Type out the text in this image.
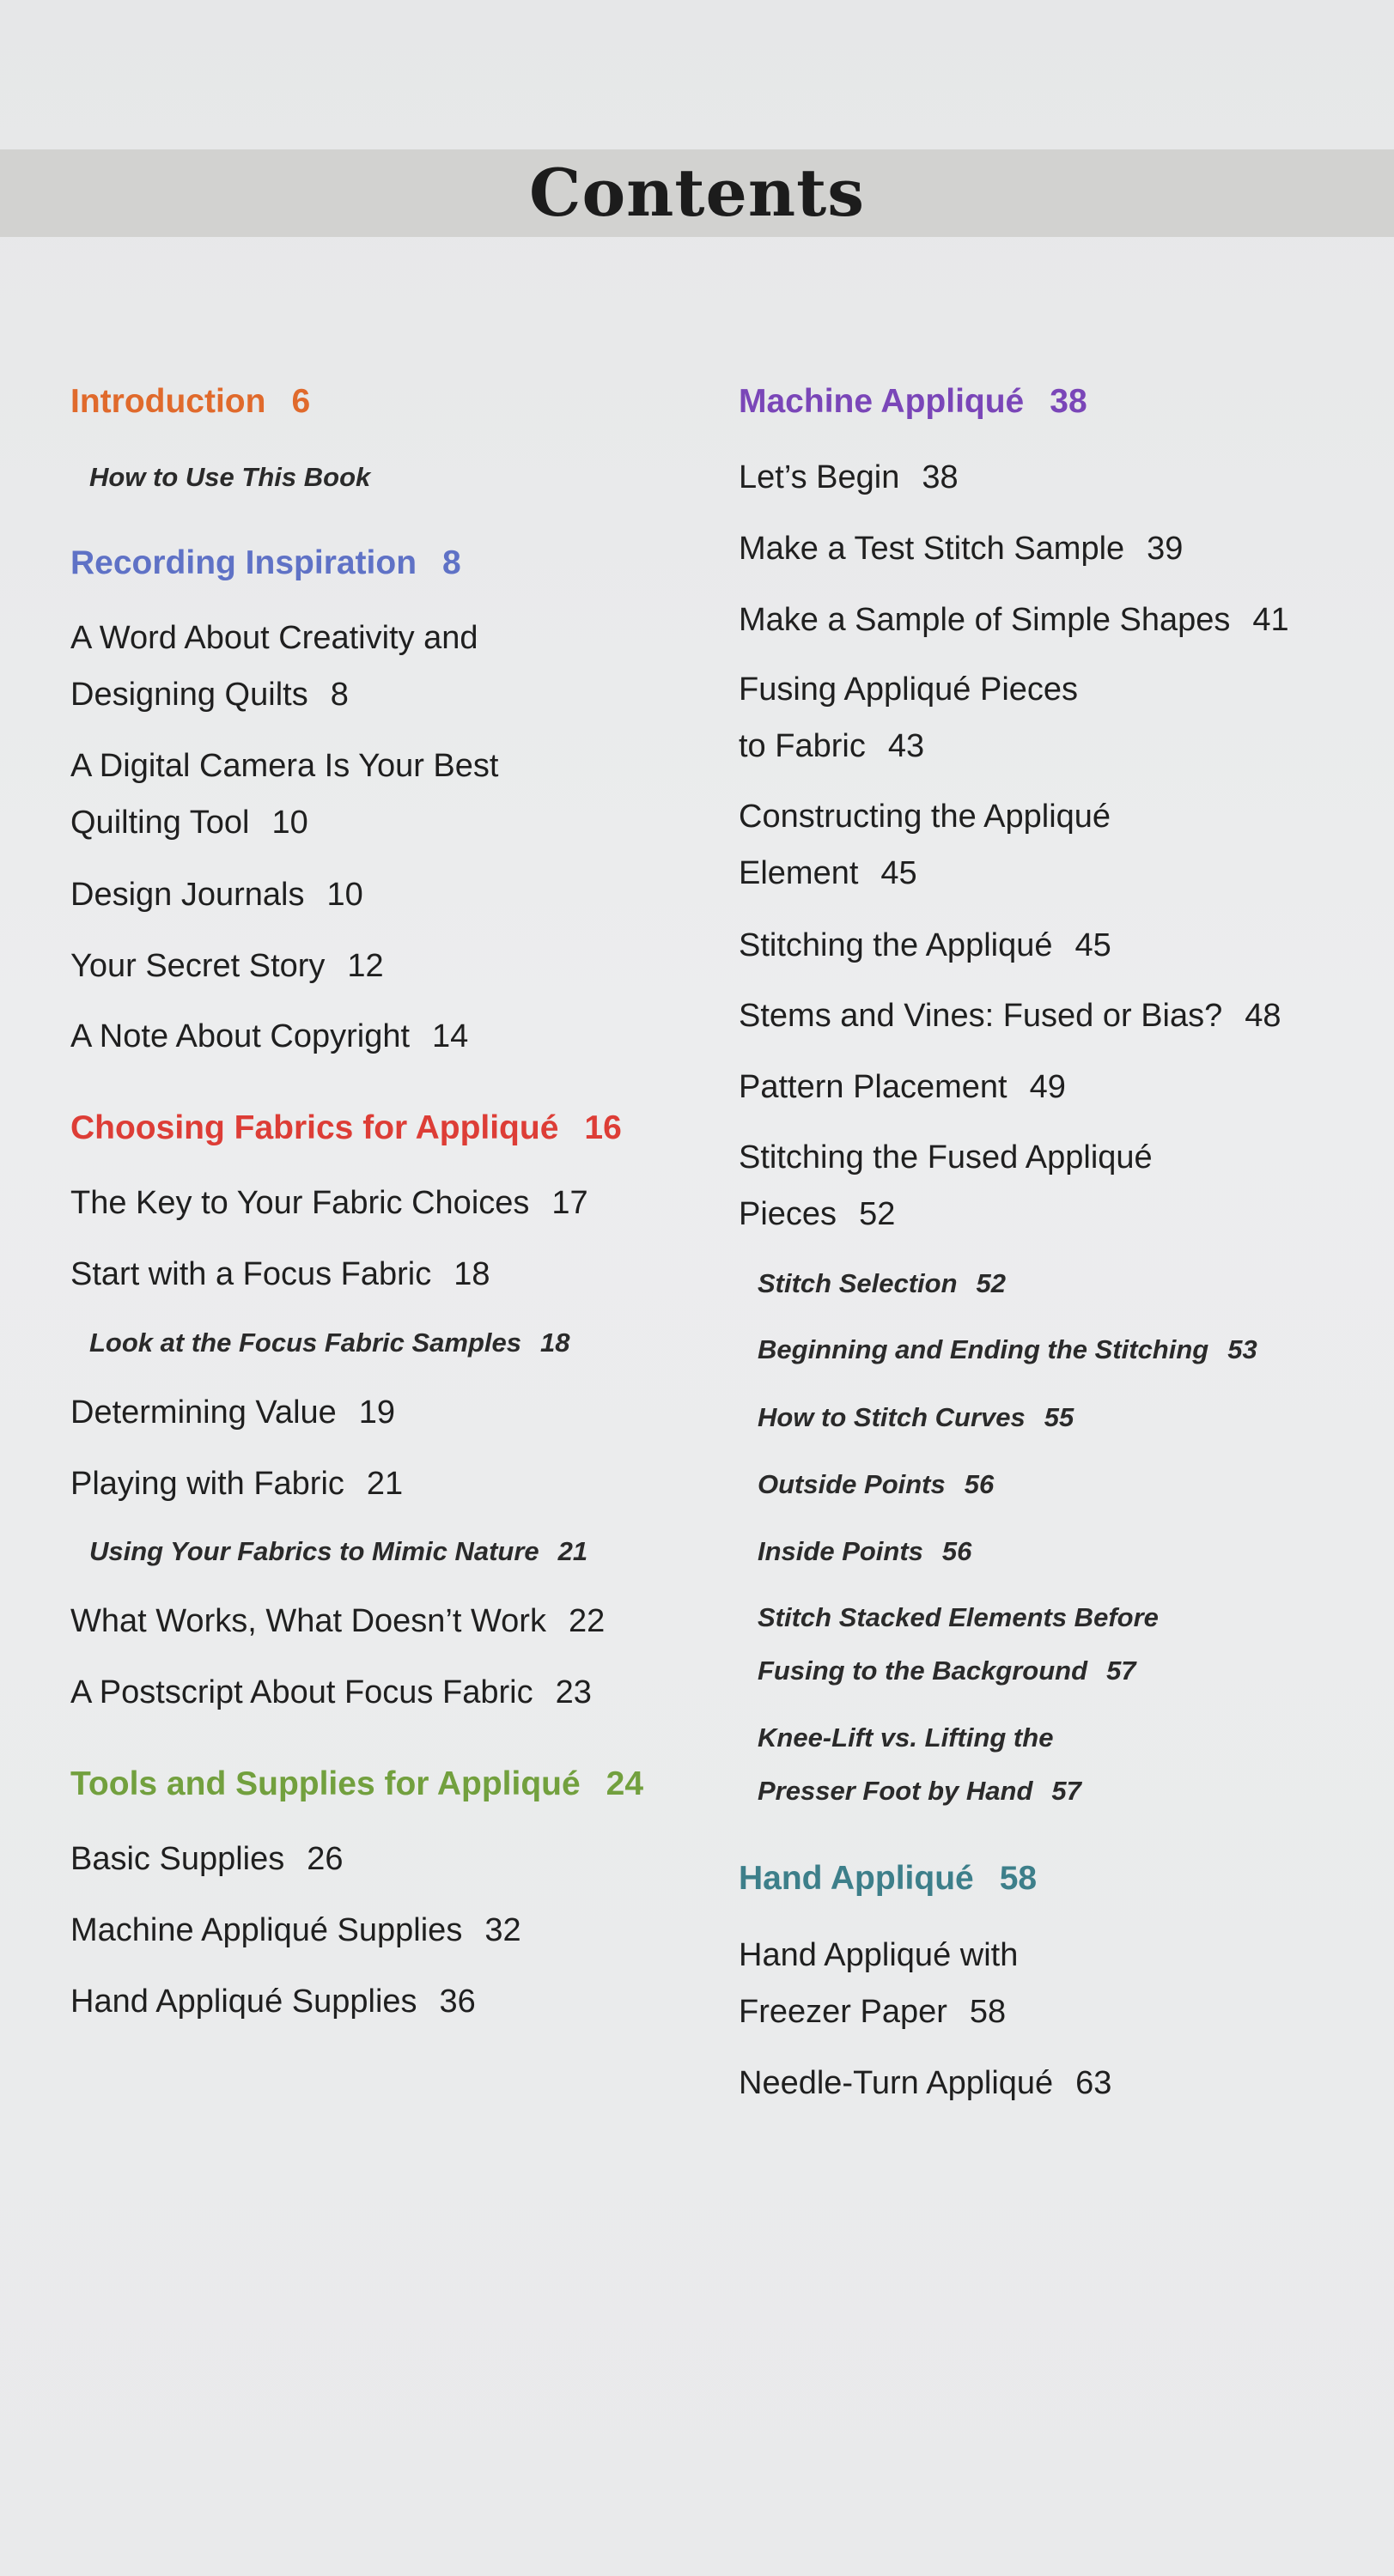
Contents
Introduction 6
How to Use This Book
Recording Inspiration 8
A Word About Creativity and
Designing Quilts 8
A Digital Camera Is Your Best
Quilting Tool 10
Design Journals 10
Your Secret Story 12
A Note About Copyright 14
Choosing Fabrics for Appliqué 16
The Key to Your Fabric Choices 17
Start with a Focus Fabric 18
Look at the Focus Fabric Samples 18
Determining Value 19
Playing with Fabric 21
Using Your Fabrics to Mimic Nature 21
What Works, What Doesn’t Work 22
A Postscript About Focus Fabric 23
Tools and Supplies for Appliqué 24
Basic Supplies 26
Machine Appliqué Supplies 32
Hand Appliqué Supplies 36
Machine Appliqué 38
Let’s Begin 38
Make a Test Stitch Sample 39
Make a Sample of Simple Shapes 41
Fusing Appliqué Pieces
to Fabric 43
Constructing the Appliqué
Element 45
Stitching the Appliqué 45
Stems and Vines: Fused or Bias? 48
Pattern Placement 49
Stitching the Fused Appliqué
Pieces 52
Stitch Selection 52
Beginning and Ending the Stitching 53
How to Stitch Curves 55
Outside Points 56
Inside Points 56
Stitch Stacked Elements Before
Fusing to the Background 57
Knee-Lift vs. Lifting the
Presser Foot by Hand 57
Hand Appliqué 58
Hand Appliqué with
Freezer Paper 58
Needle-Turn Appliqué 63
